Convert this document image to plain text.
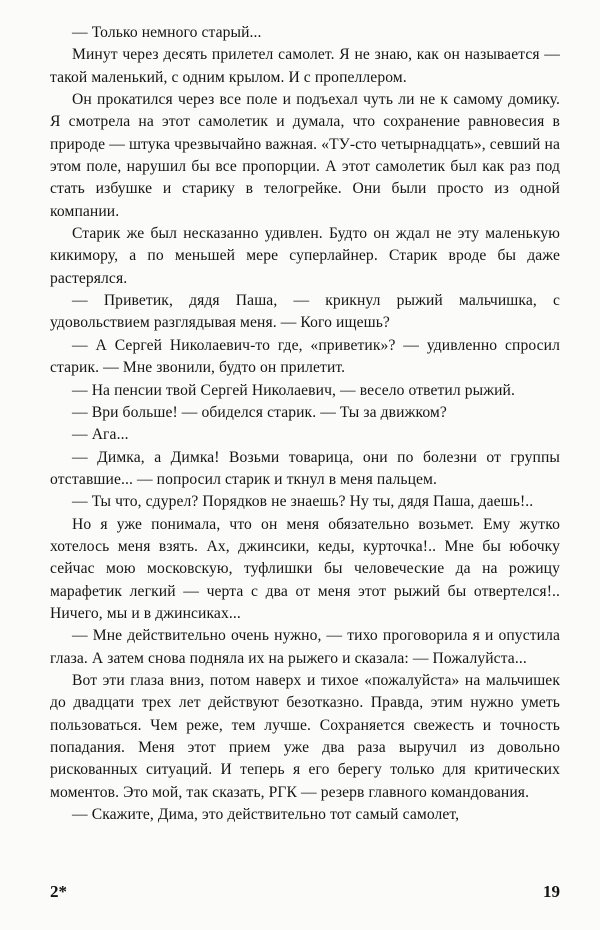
— Только немного старый...

Минут через десять прилетел самолет. Я не знаю, как он называется — такой маленький, с одним крылом. И с пропеллером.

Он прокатился через все поле и подъехал чуть ли не к самому домику. Я смотрела на этот самолетик и думала, что сохранение равновесия в природе — штука чрезвычайно важная. «ТУ-сто четырнадцать», севший на этом поле, нарушил бы все пропорции. А этот самолетик был как раз под стать избушке и старику в телогрейке. Они были просто из одной компании.

Старик же был несказанно удивлен. Будто он ждал не эту маленькую кикимору, а по меньшей мере суперлайнер. Старик вроде бы даже растерялся.

— Приветик, дядя Паша, — крикнул рыжий мальчишка, с удовольствием разглядывая меня. — Кого ищешь?

— А Сергей Николаевич-то где, «приветик»? — удивленно спросил старик. — Мне звонили, будто он прилетит.

— На пенсии твой Сергей Николаевич, — весело ответил рыжий.

— Ври больше! — обиделся старик. — Ты за движком?

— Ага...

— Димка, а Димка! Возьми товарица, они по болезни от группы отставшие... — попросил старик и ткнул в меня пальцем.

— Ты что, сдурел? Порядков не знаешь? Ну ты, дядя Паша, даешь!..

Но я уже понимала, что он меня обязательно возьмет. Ему жутко хотелось меня взять. Ах, джинсики, кеды, курточка!.. Мне бы юбочку сейчас мою московскую, туфлишки бы человеческие да на рожицу марафетик легкий — черта с два от меня этот рыжий бы отвертелся!.. Ничего, мы и в джинсиках...

— Мне действительно очень нужно, — тихо проговорила я и опустила глаза. А затем снова подняла их на рыжего и сказала: — Пожалуйста...

Вот эти глаза вниз, потом наверх и тихое «пожалуйста» на мальчишек до двадцати трех лет действуют безотказно. Правда, этим нужно уметь пользоваться. Чем реже, тем лучше. Сохраняется свежесть и точность попадания. Меня этот прием уже два раза выручил из довольно рискованных ситуаций. И теперь я его берегу только для критических моментов. Это мой, так сказать, РГК — резерв главного командования.

— Скажите, Дима, это действительно тот самый самолет,

2*	19
